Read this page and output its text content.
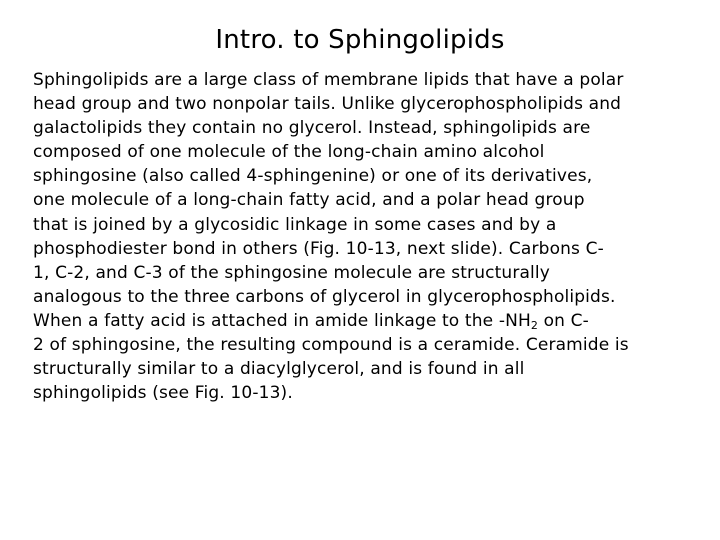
Intro. to Sphingolipids
Sphingolipids are a large class of membrane lipids that have a polar
head group and two nonpolar tails. Unlike glycerophospholipids and
galactolipids they contain no glycerol. Instead, sphingolipids are
composed of one molecule of the long-chain amino alcohol
sphingosine (also called 4-sphingenine) or one of its derivatives,
one molecule of a long-chain fatty acid, and a polar head group
that is joined by a glycosidic linkage in some cases and by a
phosphodiester bond in others (Fig. 10-13, next slide). Carbons C-
1, C-2, and C-3 of the sphingosine molecule are structurally
analogous to the three carbons of glycerol in glycerophospholipids.
When a fatty acid is attached in amide linkage to the $-NH_2$ on C-
2 of sphingosine, the resulting compound is a ceramide. Ceramide is
structurally similar to a diacylglycerol, and is found in all
sphingolipids (see Fig. 10-13).
